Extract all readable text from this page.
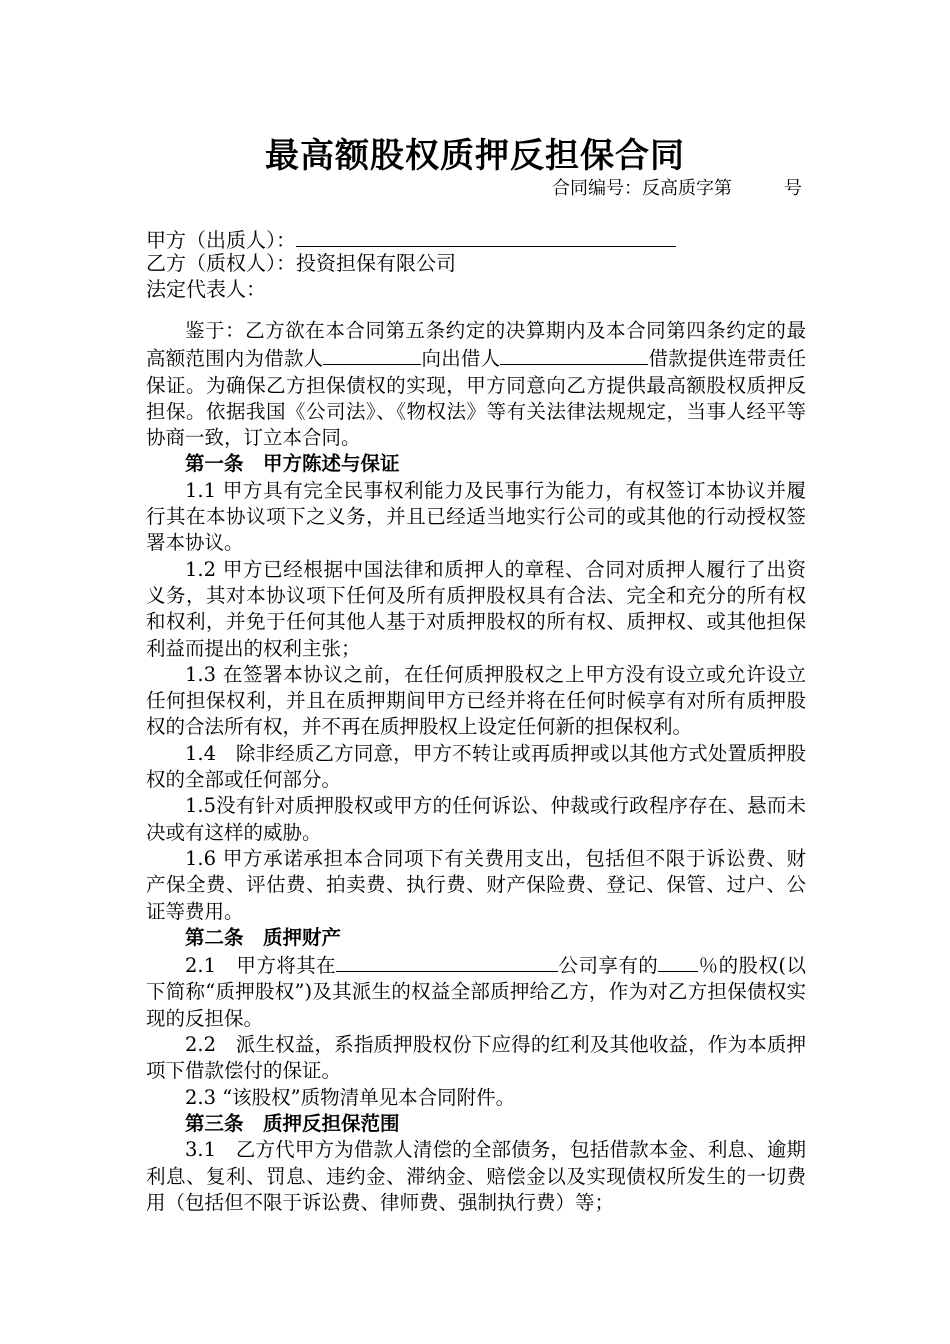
最高额股权质押反担保合同
合同编号：反高质字第	号
甲方（出质人）：
乙方（质权人）：投资担保有限公司
法定代表人：

鉴于：乙方欲在本合同第五条约定的决算期内及本合同第四条约定的最高额范围内为借款人	向出借人	借款提供连带责任保证。为确保乙方担保债权的实现，甲方同意向乙方提供最高额股权质押反担保。依据我国《公司法》、《物权法》等有关法律法规规定，当事人经平等协商一致，订立本合同。

第一条　甲方陈述与保证

1.1 甲方具有完全民事权利能力及民事行为能力，有权签订本协议并履行其在本协议项下之义务，并且已经适当地实行公司的或其他的行动授权签署本协议。

1.2 甲方已经根据中国法律和质押人的章程、合同对质押人履行了出资义务，其对本协议项下任何及所有质押股权具有合法、完全和充分的所有权和权利，并免于任何其他人基于对质押股权的所有权、质押权、或其他担保利益而提出的权利主张；

1.3 在签署本协议之前，在任何质押股权之上甲方没有设立或允许设立任何担保权利，并且在质押期间甲方已经并将在任何时候享有对所有质押股权的合法所有权，并不再在质押股权上设定任何新的担保权利。

1.4　除非经质乙方同意，甲方不转让或再质押或以其他方式处置质押股权的全部或任何部分。

1.5没有针对质押股权或甲方的任何诉讼、仲裁或行政程序存在、悬而未决或有这样的威胁。

1.6 甲方承诺承担本合同项下有关费用支出，包括但不限于诉讼费、财产保全费、评估费、拍卖费、执行费、财产保险费、登记、保管、过户、公证等费用。

第二条　质押财产

2.1　甲方将其在	公司享有的 ％的股权(以下简称“质押股权”)及其派生的权益全部质押给乙方，作为对乙方担保债权实现的反担保。

2.2　派生权益，系指质押股权份下应得的红利及其他收益，作为本质押项下借款偿付的保证。

2.3 “该股权”质物清单见本合同附件。

第三条　质押反担保范围

3.1　乙方代甲方为借款人清偿的全部债务，包括借款本金、利息、逾期利息、复利、罚息、违约金、滞纳金、赔偿金以及实现债权所发生的一切费用（包括但不限于诉讼费、律师费、强制执行费）等；
